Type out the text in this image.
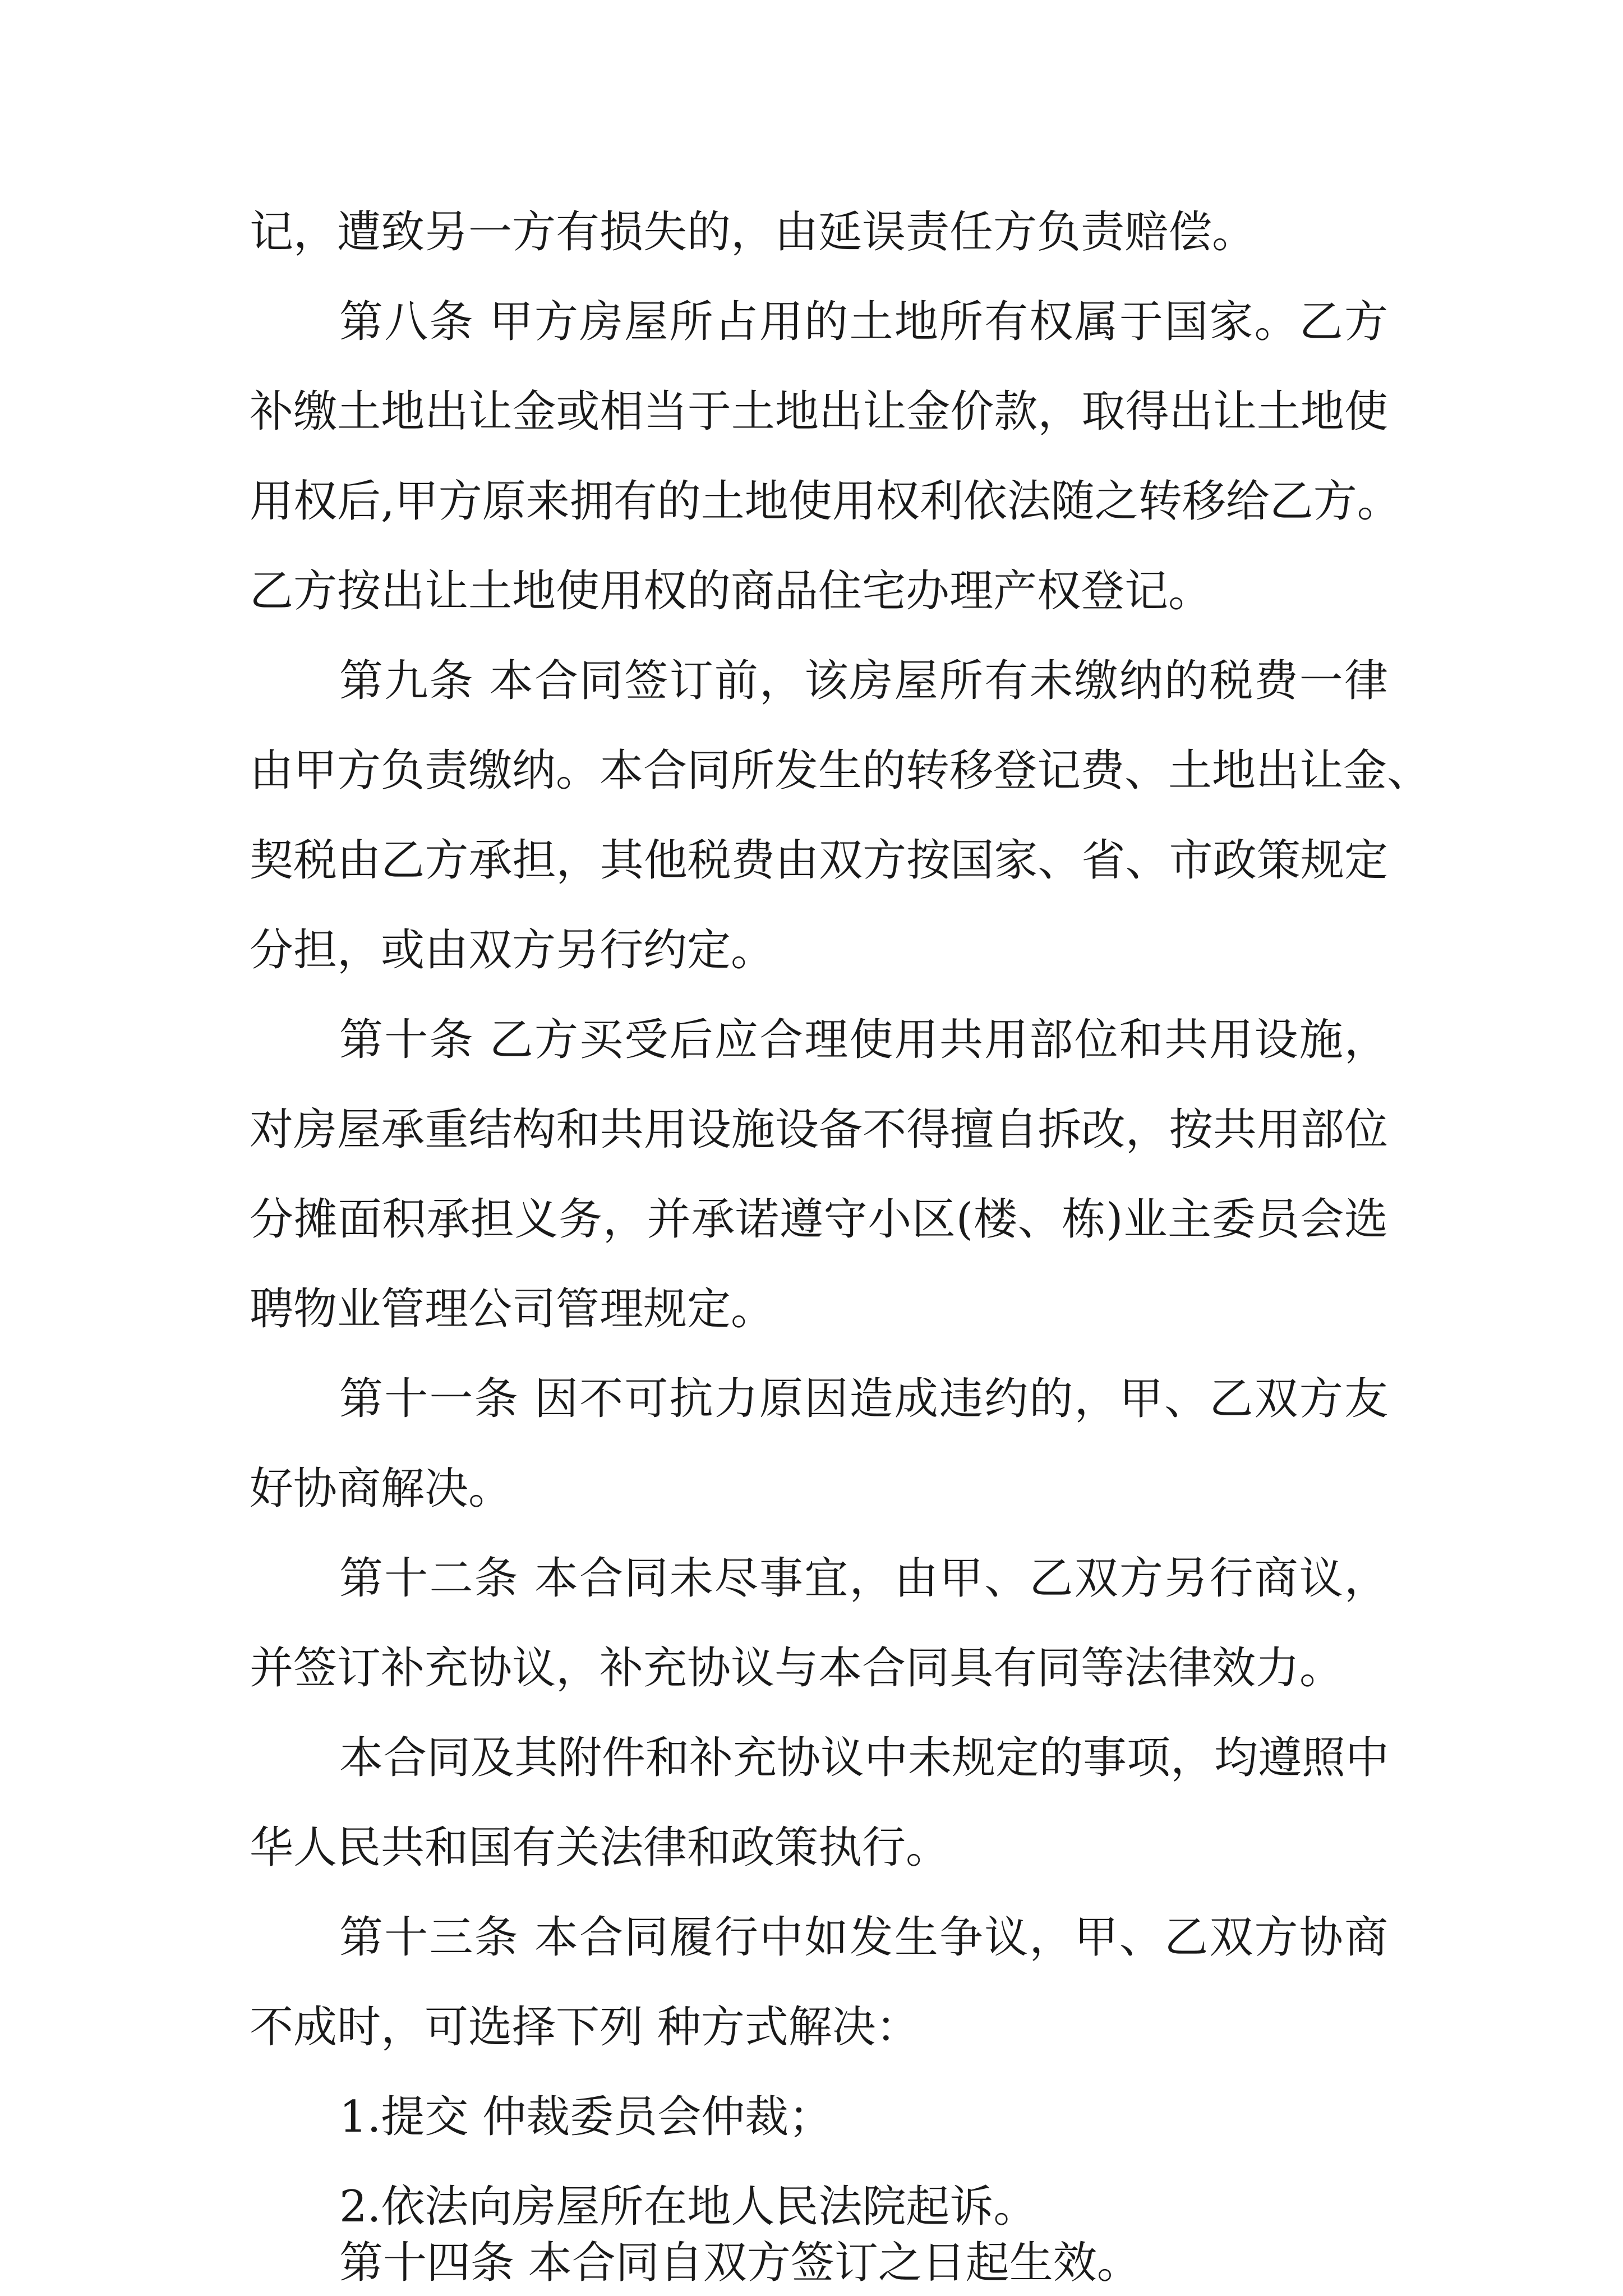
记，遭致另一方有损失的，由延误责任方负责赔偿。
第八条 甲方房屋所占用的土地所有权属于国家。乙方
补缴土地出让金或相当于土地出让金价款，取得出让土地使
用权后,甲方原来拥有的土地使用权利依法随之转移给乙方。
乙方按出让土地使用权的商品住宅办理产权登记。
第九条 本合同签订前，该房屋所有未缴纳的税费一律
由甲方负责缴纳。本合同所发生的转移登记费、土地出让金、
契税由乙方承担，其他税费由双方按国家、省、市政策规定
分担，或由双方另行约定。
第十条 乙方买受后应合理使用共用部位和共用设施，
对房屋承重结构和共用设施设备不得擅自拆改，按共用部位
分摊面积承担义务，并承诺遵守小区(楼、栋)业主委员会选
聘物业管理公司管理规定。
第十一条 因不可抗力原因造成违约的，甲、乙双方友
好协商解决。
第十二条 本合同未尽事宜，由甲、乙双方另行商议，
并签订补充协议，补充协议与本合同具有同等法律效力。
本合同及其附件和补充协议中未规定的事项，均遵照中
华人民共和国有关法律和政策执行。
第十三条 本合同履行中如发生争议，甲、乙双方协商
不成时，可选择下列 种方式解决：
1.提交 仲裁委员会仲裁；
2.依法向房屋所在地人民法院起诉。
第十四条 本合同自双方签订之日起生效。
